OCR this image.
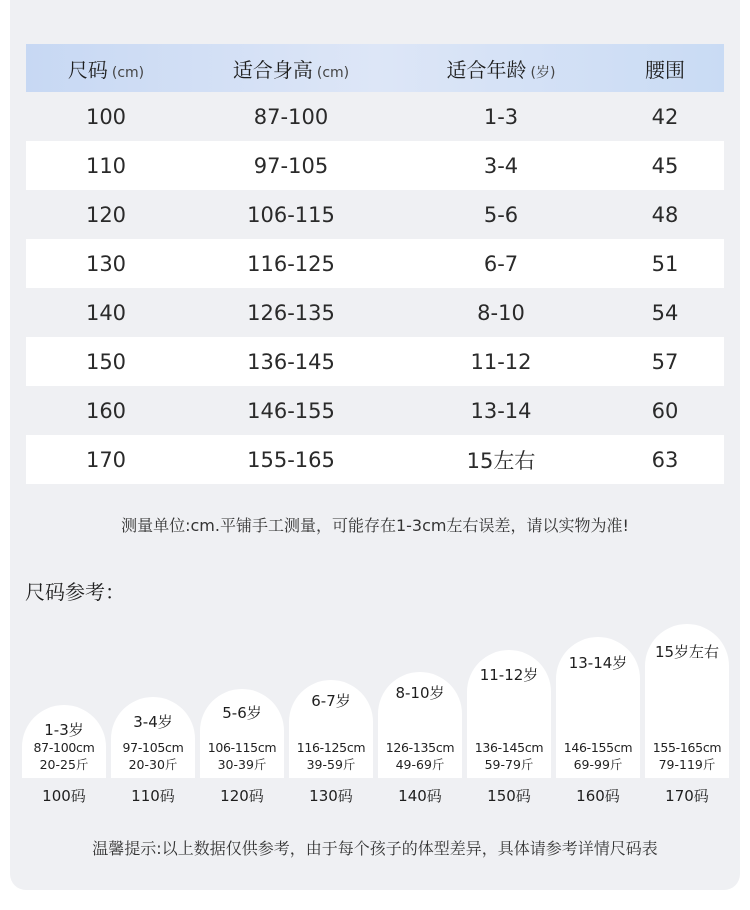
尺码 (cm)	适合身高 (cm)	适合年龄 (岁)	腰围
100	87-100	1-3	42
110	97-105	3-4	45
120	106-115	5-6	48
130	116-125	6-7	51
140	126-135	8-10	54
150	136-145	11-12	57
160	146-155	13-14	60
170	155-165	15左右	63
测量单位:cm.平铺手工测量，可能存在1-3cm左右误差，请以实物为准!
尺码参考：
1-3岁
87-100cm
20-25斤
3-4岁
97-105cm
20-30斤
5-6岁
106-115cm
30-39斤
6-7岁
116-125cm
39-59斤
8-10岁
126-135cm
49-69斤
11-12岁
136-145cm
59-79斤
13-14岁
146-155cm
69-99斤
15岁左右
155-165cm
79-119斤
100码	110码	120码	130码	140码	150码	160码	170码
温馨提示:以上数据仅供参考，由于每个孩子的体型差异，具体请参考详情尺码表
